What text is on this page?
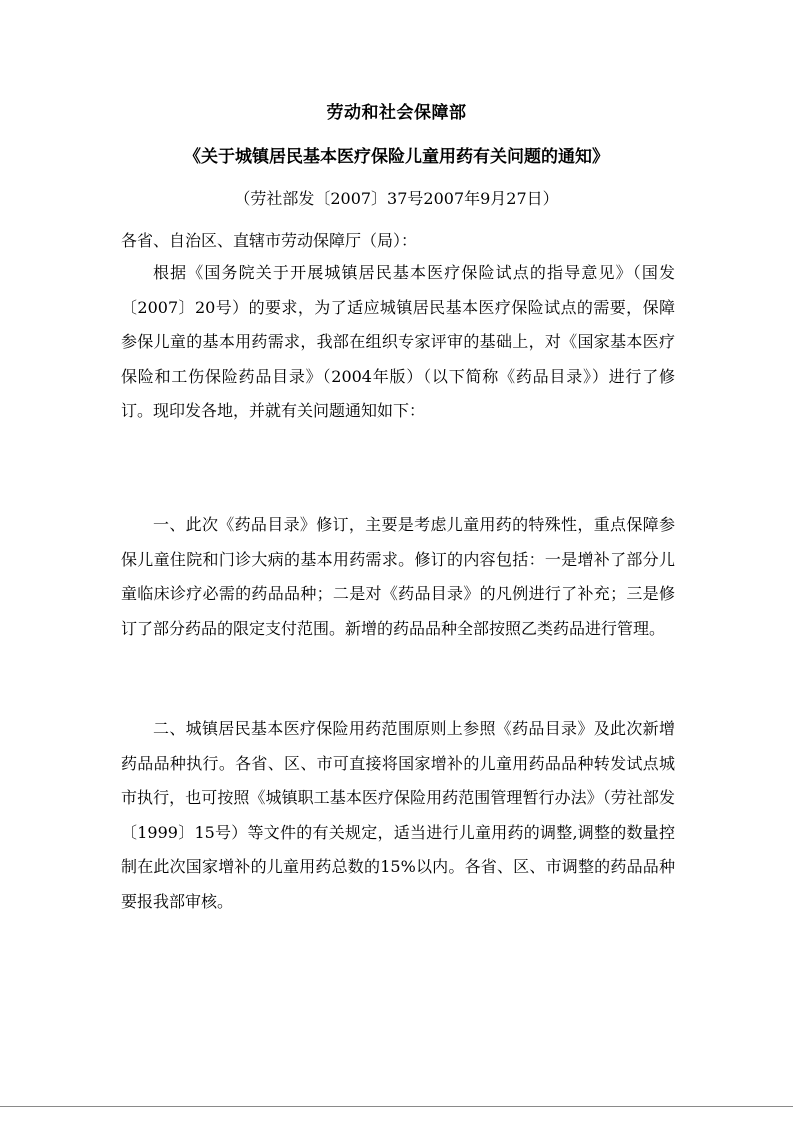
劳动和社会保障部
《关于城镇居民基本医疗保险儿童用药有关问题的通知》
（劳社部发〔2007〕37号2007年9月27日）
各省、自治区、直辖市劳动保障厅（局）：

根据《国务院关于开展城镇居民基本医疗保险试点的指导意见》（国发〔2007〕20号）的要求，为了适应城镇居民基本医疗保险试点的需要，保障参保儿童的基本用药需求，我部在组织专家评审的基础上，对《国家基本医疗保险和工伤保险药品目录》（2004年版）（以下简称《药品目录》）进行了修订。现印发各地，并就有关问题通知如下：

一、此次《药品目录》修订，主要是考虑儿童用药的特殊性，重点保障参保儿童住院和门诊大病的基本用药需求。修订的内容包括：一是增补了部分儿童临床诊疗必需的药品品种；二是对《药品目录》的凡例进行了补充；三是修订了部分药品的限定支付范围。新增的药品品种全部按照乙类药品进行管理。

二、城镇居民基本医疗保险用药范围原则上参照《药品目录》及此次新增药品品种执行。各省、区、市可直接将国家增补的儿童用药品品种转发试点城市执行，也可按照《城镇职工基本医疗保险用药范围管理暂行办法》（劳社部发〔1999〕15号）等文件的有关规定，适当进行儿童用药的调整,调整的数量控制在此次国家增补的儿童用药总数的15%以内。各省、区、市调整的药品品种要报我部审核。
